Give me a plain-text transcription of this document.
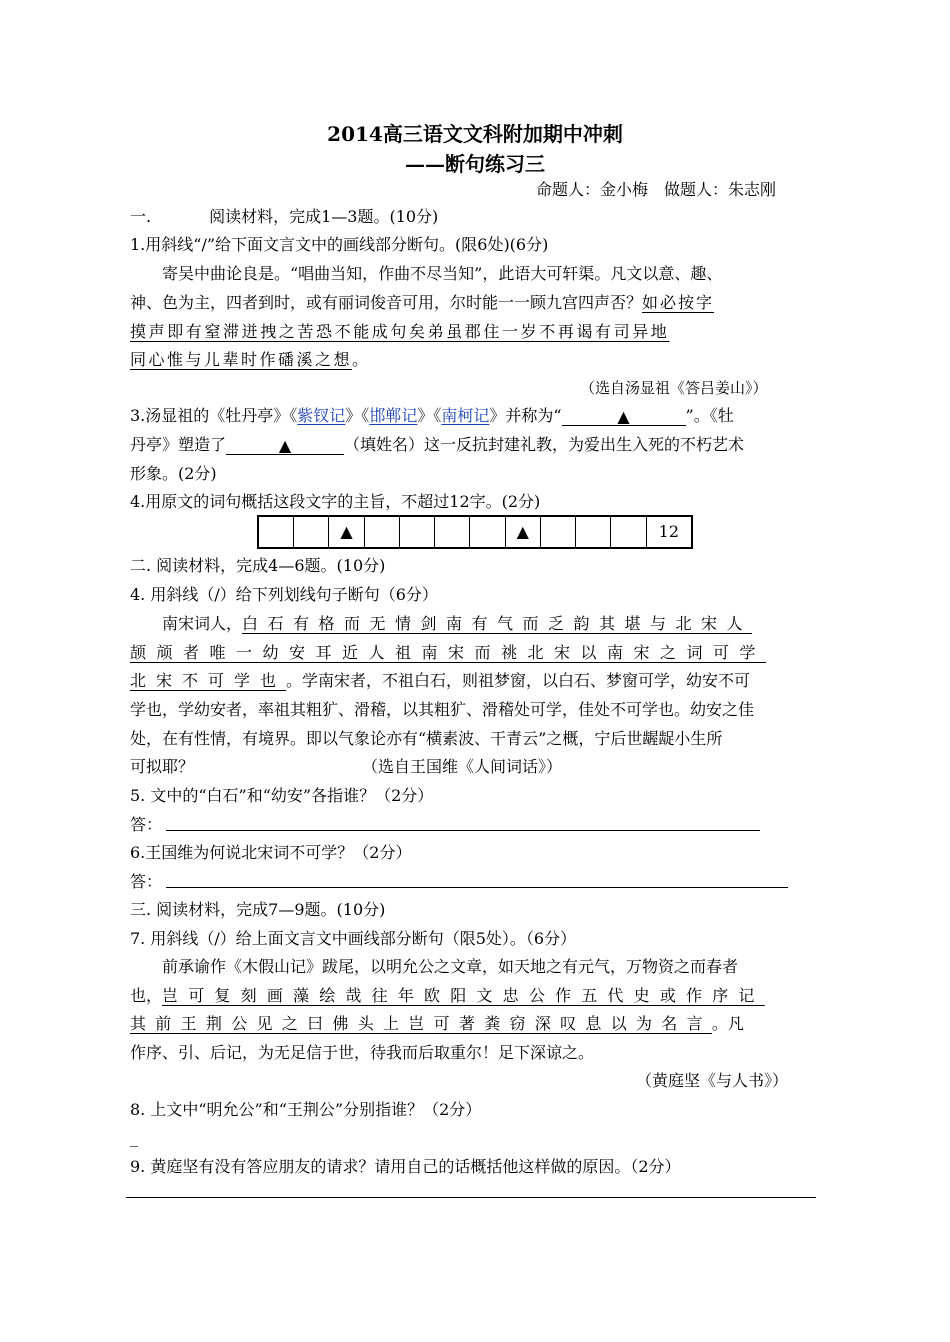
2014高三语文文科附加期中冲刺
——断句练习三
命题人：金小梅　做题人：朱志刚
一.	阅读材料，完成1—3题。(10分)
1.用斜线“/”给下面文言文中的画线部分断句。(限6处)(6分)
寄吴中曲论良是。“唱曲当知，作曲不尽当知”，此语大可轩渠。凡文以意、趣、
神、色为主，四者到时，或有丽词俊音可用，尔时能一一顾九宫四声否？如必按字
摸声即有窒滞迸拽之苦恐不能成句矣弟虽郡住一岁不再谒有司异地
同心惟与儿辈时作磻溪之想。
（选自汤显祖《答吕姜山》）
3.汤显祖的《牡丹亭》《紫钗记》《邯郸记》《南柯记》并称为“	▲	”。《牡
丹亭》塑造了	▲	（填姓名）这一反抗封建礼教，为爱出生入死的不朽艺术
形象。(2分)
4.用原文的词句概括这段文字的主旨，不超过12字。(2分)
▲	▲	12
二. 阅读材料，完成4—6题。(10分)
4. 用斜线（/）给下列划线句子断句（6分）
南宋词人，白石有格而无情剑南有气而乏韵其堪与北宋人
颉颃者唯一幼安耳近人祖南宋而祧北宋以南宋之词可学
北宋不可学也。学南宋者，不祖白石，则祖梦窗，以白石、梦窗可学，幼安不可
学也，学幼安者，率祖其粗犷、滑稽，以其粗犷、滑稽处可学，佳处不可学也。幼安之佳
处，在有性情，有境界。即以气象论亦有“横素波、干青云”之概，宁后世龌龊小生所
可拟耶？	（选自王国维《人间词话》）
5. 文中的“白石”和“幼安”各指谁？（2分）
答：
6.王国维为何说北宋词不可学？（2分）
答：
三. 阅读材料，完成7—9题。(10分)
7. 用斜线（/）给上面文言文中画线部分断句（限5处）。（6分）
前承谕作《木假山记》跋尾，以明允公之文章，如天地之有元气，万物资之而春者
也，岂可复刻画藻绘哉往年欧阳文忠公作五代史或作序记
其前王荆公见之曰佛头上岂可著粪窃深叹息以为名言。凡
作序、引、后记，为无足信于世，待我而后取重尔！足下深谅之。
（黄庭坚《与人书》）
8. 上文中“明允公”和“王荆公”分别指谁？（2分）
_
9. 黄庭坚有没有答应朋友的请求？请用自己的话概括他这样做的原因。（2分）
